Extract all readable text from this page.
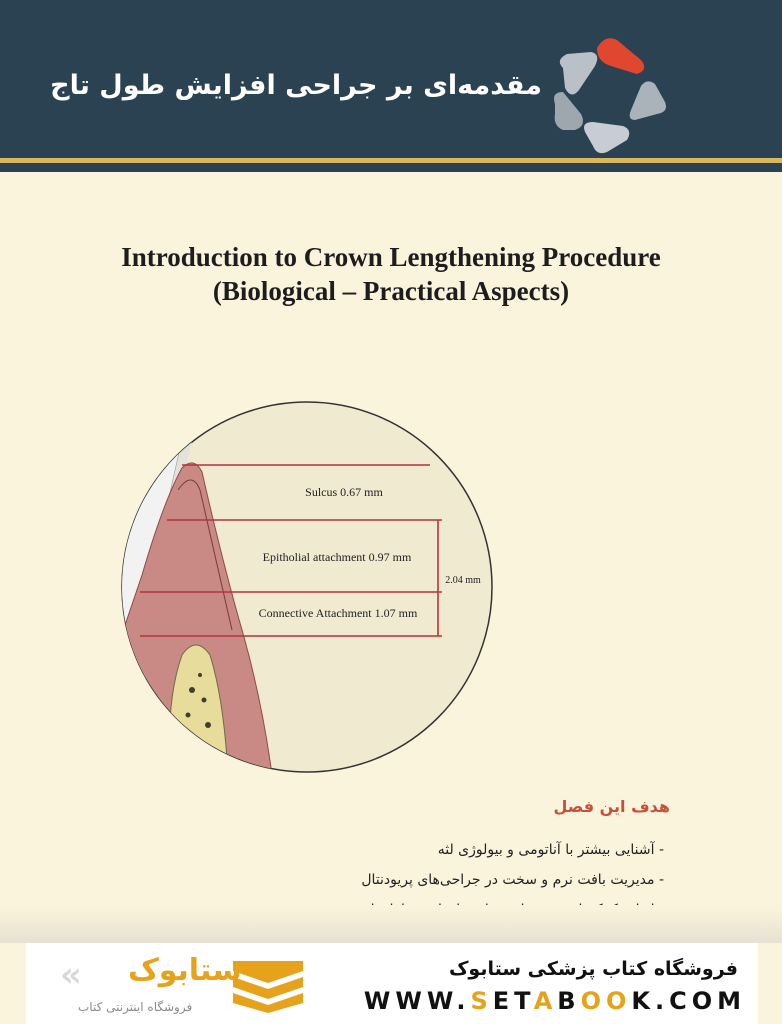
مقدمه‌ای بر جراحی افزایش طول تاج ۱
Introduction to Crown Lengthening Procedure
(Biological – Practical Aspects)
Sulcus 0.67 mm
Epitholial attachment 0.97 mm
Connective Attachment 1.07 mm
2.04 mm
هدف این فصل
- آشنایی بیشتر با آناتومی و بیولوژی لثه
- مدیریت بافت نرم و سخت در جراحی‌های پریودنتال
فروشگاه کتاب پزشکی ستابوک
WWW.SETABOOK.COM
« ستابوک
فروشگاه اینترنتی کتاب
